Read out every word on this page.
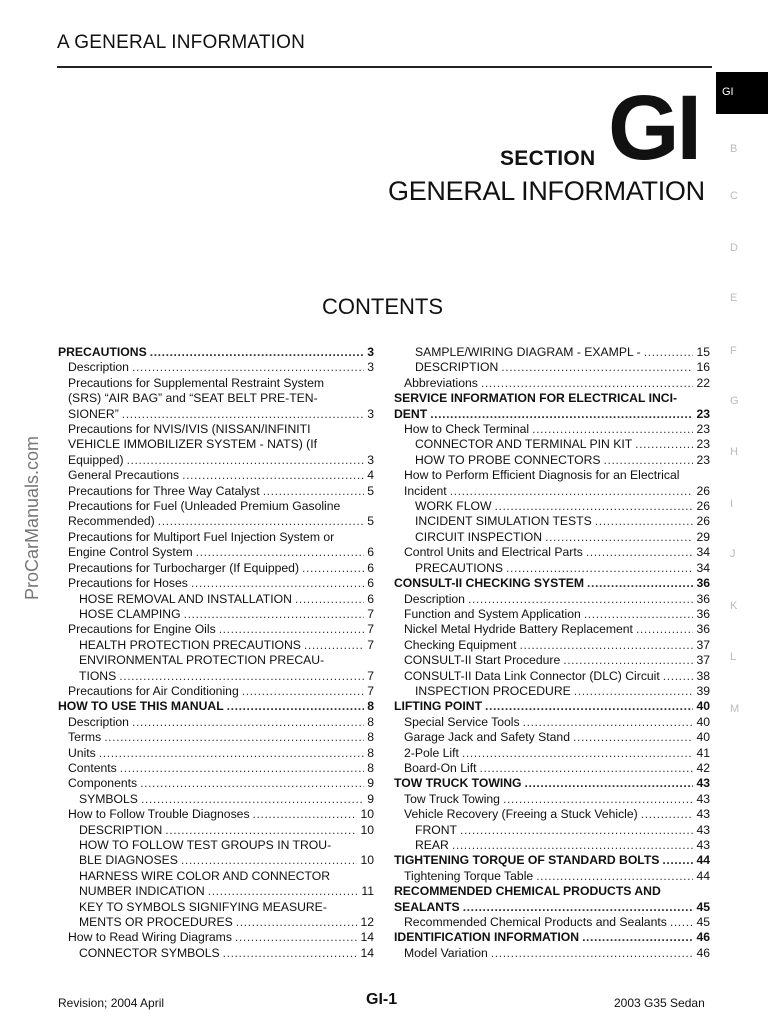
A GENERAL INFORMATION
GI
B
C
D
E
F
G
H
I
J
K
L
M
SECTION GI
GENERAL INFORMATION
CONTENTS
ProCarManuals.com
PRECAUTIONS . . .	3
Description . . .	3
Precautions for Supplemental Restraint System
(SRS) “AIR BAG” and “SEAT BELT PRE-TEN-
SIONER” . . .	3
Precautions for NVIS/IVIS (NISSAN/INFINITI
VEHICLE IMMOBILIZER SYSTEM - NATS) (If
Equipped) . . .	3
General Precautions . . .	4
Precautions for Three Way Catalyst . . .	5
Precautions for Fuel (Unleaded Premium Gasoline
Recommended) . . .	5
Precautions for Multiport Fuel Injection System or
Engine Control System . . .	6
Precautions for Turbocharger (If Equipped) . . .	6
Precautions for Hoses . . .	6
HOSE REMOVAL AND INSTALLATION . . .	6
HOSE CLAMPING . . .	7
Precautions for Engine Oils . . .	7
HEALTH PROTECTION PRECAUTIONS . . .	7
ENVIRONMENTAL PROTECTION PRECAU-
TIONS . . .	7
Precautions for Air Conditioning . . .	7
HOW TO USE THIS MANUAL . . .	8
Description . . .	8
Terms . . .	8
Units . . .	8
Contents . . .	8
Components . . .	9
SYMBOLS . . .	9
How to Follow Trouble Diagnoses . . .	10
DESCRIPTION . . .	10
HOW TO FOLLOW TEST GROUPS IN TROU-
BLE DIAGNOSES . . .	10
HARNESS WIRE COLOR AND CONNECTOR
NUMBER INDICATION . . .	11
KEY TO SYMBOLS SIGNIFYING MEASURE-
MENTS OR PROCEDURES . . .	12
How to Read Wiring Diagrams . . .	14
CONNECTOR SYMBOLS . . .	14
SAMPLE/WIRING DIAGRAM - EXAMPL - . . .	15
DESCRIPTION . . .	16
Abbreviations . . .	22
SERVICE INFORMATION FOR ELECTRICAL INCI-
DENT . . .	23
How to Check Terminal . . .	23
CONNECTOR AND TERMINAL PIN KIT . . .	23
HOW TO PROBE CONNECTORS . . .	23
How to Perform Efficient Diagnosis for an Electrical
Incident . . .	26
WORK FLOW . . .	26
INCIDENT SIMULATION TESTS . . .	26
CIRCUIT INSPECTION . . .	29
Control Units and Electrical Parts . . .	34
PRECAUTIONS . . .	34
CONSULT-II CHECKING SYSTEM . . .	36
Description . . .	36
Function and System Application . . .	36
Nickel Metal Hydride Battery Replacement . . .	36
Checking Equipment . . .	37
CONSULT-II Start Procedure . . .	37
CONSULT-II Data Link Connector (DLC) Circuit . . .	38
INSPECTION PROCEDURE . . .	39
LIFTING POINT . . .	40
Special Service Tools . . .	40
Garage Jack and Safety Stand . . .	40
2-Pole Lift . . .	41
Board-On Lift . . .	42
TOW TRUCK TOWING . . .	43
Tow Truck Towing . . .	43
Vehicle Recovery (Freeing a Stuck Vehicle) . . .	43
FRONT . . .	43
REAR . . .	43
TIGHTENING TORQUE OF STANDARD BOLTS . . .	44
Tightening Torque Table . . .	44
RECOMMENDED CHEMICAL PRODUCTS AND
SEALANTS . . .	45
Recommended Chemical Products and Sealants . . . 45
IDENTIFICATION INFORMATION . . .	46
Model Variation . . .	46
Revision; 2004 April	GI-1	2003 G35 Sedan
